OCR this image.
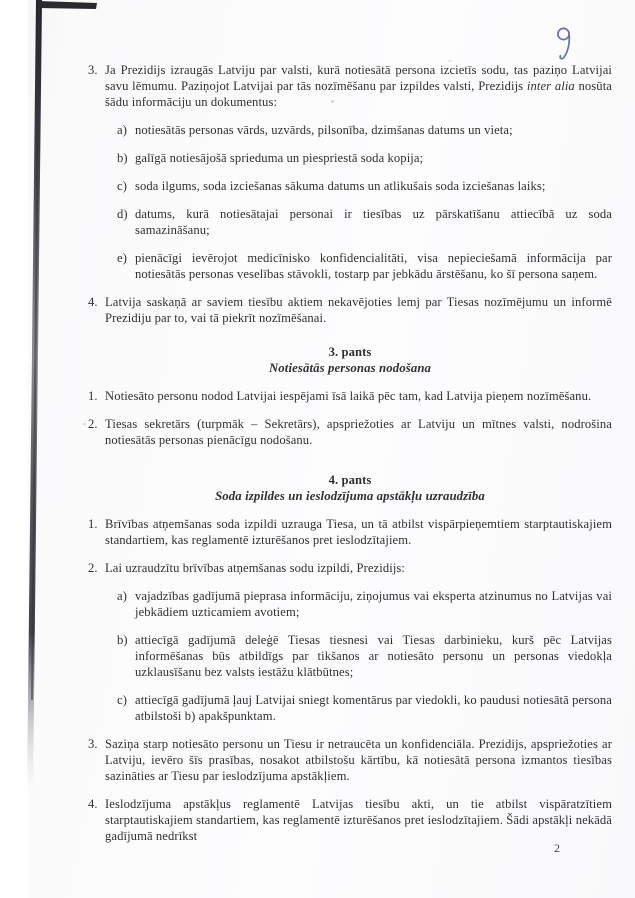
3. Ja Prezidijs izraugās Latviju par valsti, kurā notiesātā persona izcietīs sodu, tas paziņo Latvijai savu lēmumu. Paziņojot Latvijai par tās nozīmēšanu par izpildes valsti, Prezidijs inter alia nosūta šādu informāciju un dokumentus:

a) notiesātās personas vārds, uzvārds, pilsonība, dzimšanas datums un vieta;

b) galīgā notiesājošā sprieduma un piespriestā soda kopija;

c) soda ilgums, soda izciešanas sākuma datums un atlikušais soda izciešanas laiks;

d) datums, kurā notiesātajai personai ir tiesības uz pārskatīšanu attiecībā uz soda samazināšanu;

e) pienācīgi ievērojot medicīnisko konfidencialitāti, visa nepieciešamā informācija par notiesātās personas veselības stāvokli, tostarp par jebkādu ārstēšanu, ko šī persona saņem.

4. Latvija saskaņā ar saviem tiesību aktiem nekavējoties lemj par Tiesas nozīmējumu un informē Prezidiju par to, vai tā piekrīt nozīmēšanai.

3. pants
Notiesātās personas nodošana

1. Notiesāto personu nodod Latvijai iespējami īsā laikā pēc tam, kad Latvija pieņem nozīmēšanu.

2. Tiesas sekretārs (turpmāk – Sekretārs), apspriežoties ar Latviju un mītnes valsti, nodrošina notiesātās personas pienācīgu nodošanu.

4. pants
Soda izpildes un ieslodzījuma apstākļu uzraudzība

1. Brīvības atņemšanas soda izpildi uzrauga Tiesa, un tā atbilst vispārpieņemtiem starptautiskajiem standartiem, kas reglamentē izturēšanos pret ieslodzītajiem.

2. Lai uzraudzītu brīvības atņemšanas sodu izpildi, Prezidijs:

a) vajadzības gadījumā pieprasa informāciju, ziņojumus vai eksperta atzinumus no Latvijas vai jebkādiem uzticamiem avotiem;

b) attiecīgā gadījumā deleģē Tiesas tiesnesi vai Tiesas darbinieku, kurš pēc Latvijas informēšanas būs atbildīgs par tikšanos ar notiesāto personu un personas viedokļa uzklausīšanu bez valsts iestāžu klātbūtnes;

c) attiecīgā gadījumā ļauj Latvijai sniegt komentārus par viedokli, ko paudusi notiesātā persona atbilstoši b) apakšpunktam.

3. Saziņa starp notiesāto personu un Tiesu ir netraucēta un konfidenciāla. Prezidijs, apspriežoties ar Latviju, ievēro šīs prasības, nosakot atbilstošu kārtību, kā notiesātā persona izmantos tiesības sazināties ar Tiesu par ieslodzījuma apstākļiem.

4. Ieslodzījuma apstākļus reglamentē Latvijas tiesību akti, un tie atbilst vispāratzītiem starptautiskajiem standartiem, kas reglamentē izturēšanos pret ieslodzītajiem. Šādi apstākļi nekādā gadījumā nedrīkst

2
